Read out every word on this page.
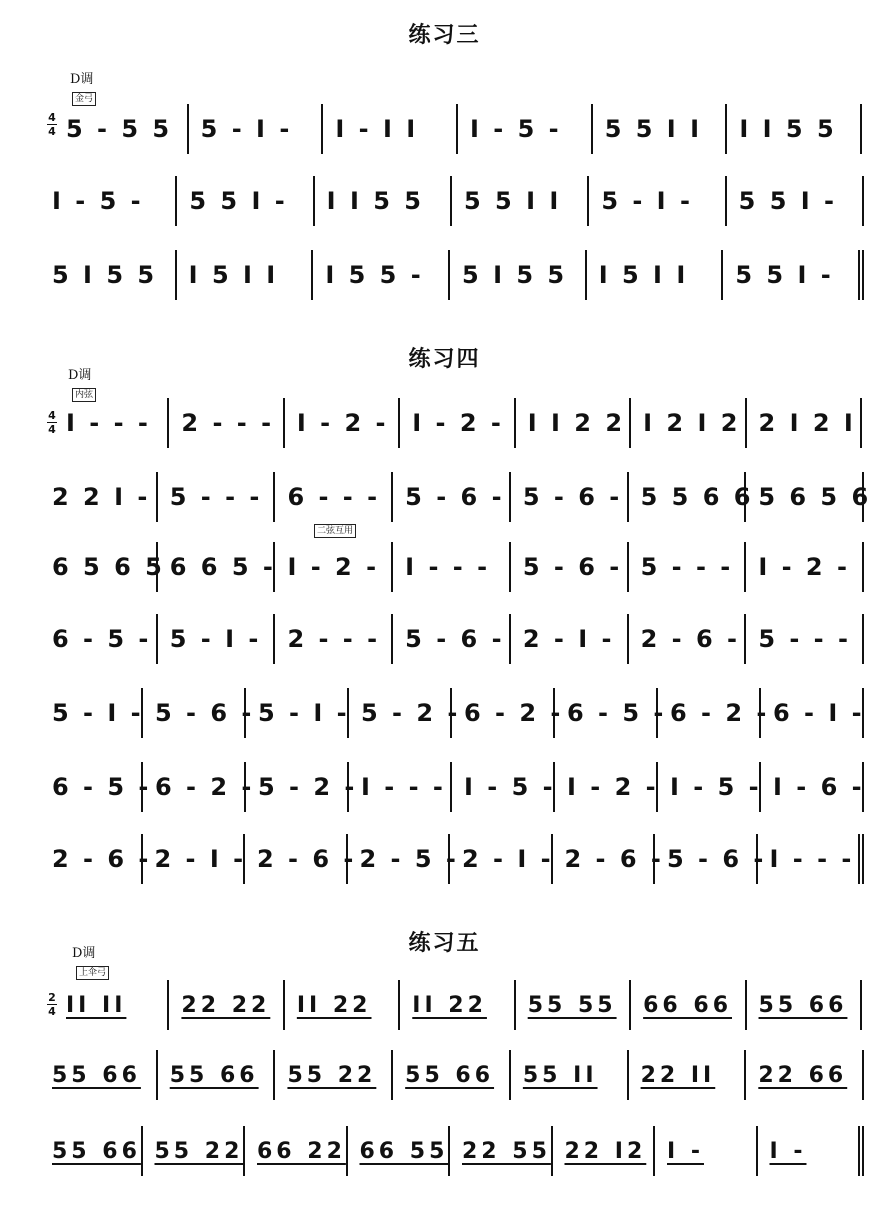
练习三
D调
金弓
4
4 5 - 5 5 5 - Ⅰ - Ⅰ - Ⅰ Ⅰ Ⅰ - 5 - 5 5 Ⅰ Ⅰ Ⅰ Ⅰ 5 5
Ⅰ - 5 - 5 5 Ⅰ - Ⅰ Ⅰ 5 5 5 5 Ⅰ Ⅰ 5 - Ⅰ - 5 5 Ⅰ -
5 Ⅰ 5 5 Ⅰ 5 Ⅰ Ⅰ Ⅰ 5 5 - 5 Ⅰ 5 5 Ⅰ 5 Ⅰ Ⅰ 5 5 Ⅰ -
练习四
D调
内弦
4
4
二弦互用
Ⅰ - - - 2 - - - Ⅰ - 2 - Ⅰ - 2 - Ⅰ Ⅰ 2 2 Ⅰ 2 Ⅰ 2 2 Ⅰ 2 Ⅰ
2 2 Ⅰ - 5 - - - 6 - - - 5 - 6 - 5 - 6 - 5 5 6 6 5 6 5 6
6 5 6 5 6 6 5 - Ⅰ - 2 - Ⅰ - - - 5 - 6 - 5 - - - Ⅰ - 2 -
6 - 5 - 5 - Ⅰ - 2 - - - 5 - 6 - 2 - Ⅰ - 2 - 6 - 5 - - -
5 - Ⅰ - 5 - 6 - 5 - Ⅰ - 5 - 2 - 6 - 2 - 6 - 5 - 6 - 2 - 6 - Ⅰ -
6 - 5 - 6 - 2 - 5 - 2 - Ⅰ - - - Ⅰ - 5 - Ⅰ - 2 - Ⅰ - 5 - Ⅰ - 6 -
2 - 6 - 2 - Ⅰ - 2 - 6 - 2 - 5 - 2 - Ⅰ - 2 - 6 - 5 - 6 - Ⅰ - - -
练习五
D调
上伞弓
2
4 ⅠⅠ ⅠⅠ	22 22 ⅠⅠ 22 ⅠⅠ 22 55 55 66 66 55 66
55 66 55 66 55 22 55 66 55 ⅠⅠ 22 ⅠⅠ 22 66
55 66 55 22 66 22 66 55 22 55 22 Ⅰ2 Ⅰ -	Ⅰ -
